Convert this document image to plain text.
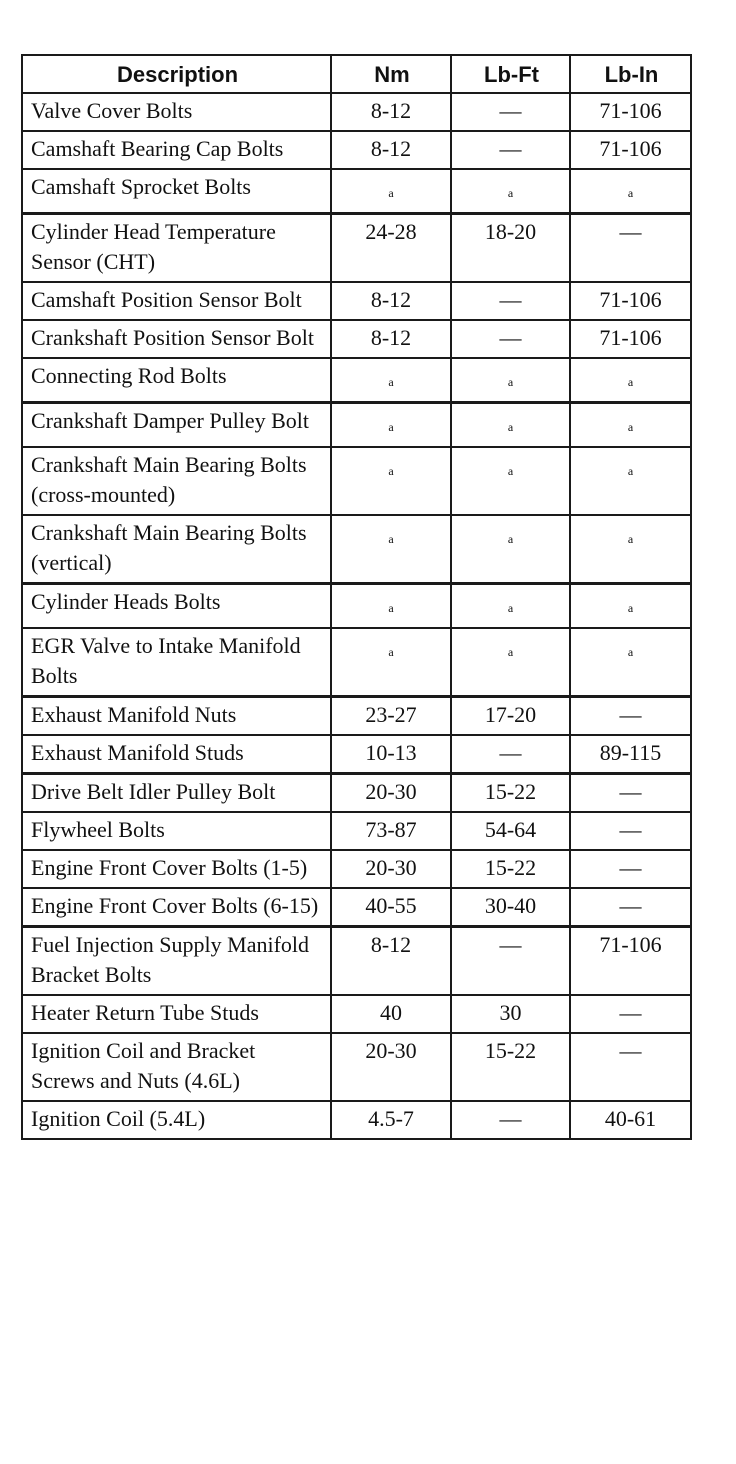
Description	Nm	Lb-Ft	Lb-In
Valve Cover Bolts	8-12	—	71-106
Camshaft Bearing Cap Bolts	8-12	—	71-106
Camshaft Sprocket Bolts	a	a	a
Cylinder Head Temperature Sensor (CHT)	24-28	18-20	—
Camshaft Position Sensor Bolt	8-12	—	71-106
Crankshaft Position Sensor Bolt	8-12	—	71-106
Connecting Rod Bolts	a	a	a
Crankshaft Damper Pulley Bolt	a	a	a
Crankshaft Main Bearing Bolts (cross-mounted)	a	a	a
Crankshaft Main Bearing Bolts (vertical)	a	a	a
Cylinder Heads Bolts	a	a	a
EGR Valve to Intake Manifold Bolts	a	a	a
Exhaust Manifold Nuts	23-27	17-20	—
Exhaust Manifold Studs	10-13	—	89-115
Drive Belt Idler Pulley Bolt	20-30	15-22	—
Flywheel Bolts	73-87	54-64	—
Engine Front Cover Bolts (1-5)	20-30	15-22	—
Engine Front Cover Bolts (6-15)	40-55	30-40	—
Fuel Injection Supply Manifold Bracket Bolts	8-12	—	71-106
Heater Return Tube Studs	40	30	—
Ignition Coil and Bracket Screws and Nuts (4.6L)	20-30	15-22	—
Ignition Coil (5.4L)	4.5-7	—	40-61
